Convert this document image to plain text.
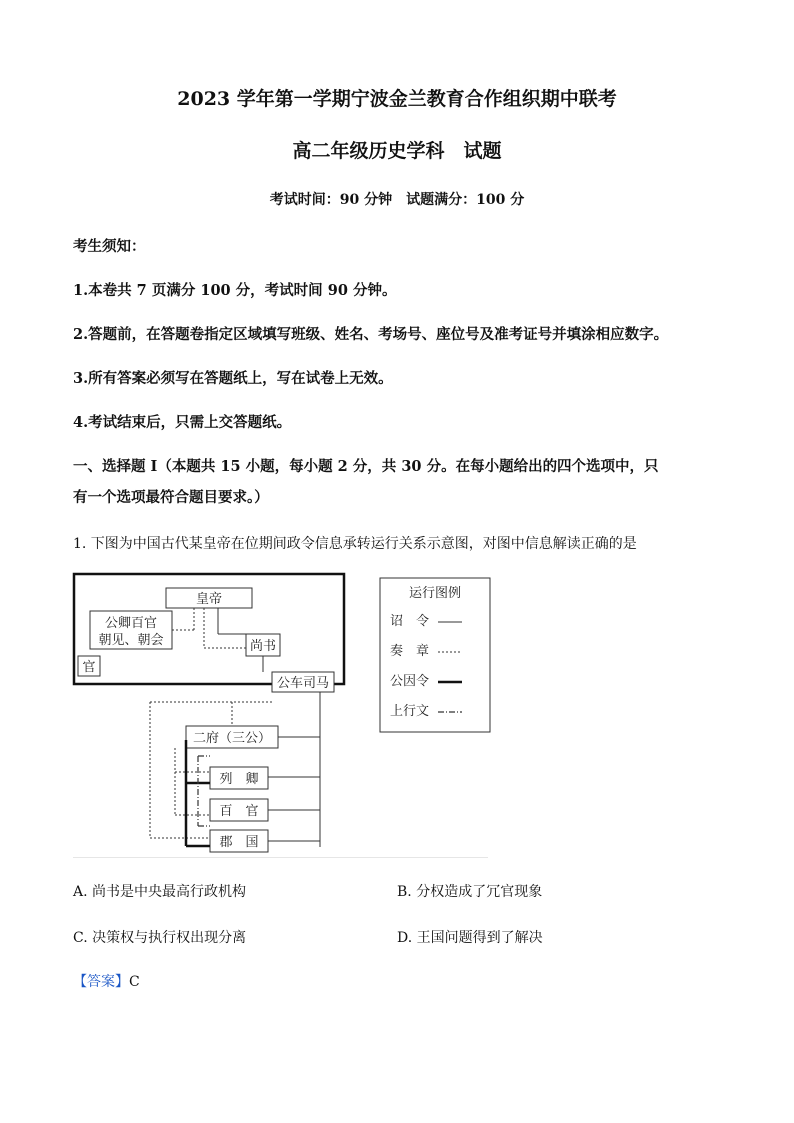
2023 学年第一学期宁波金兰教育合作组织期中联考
高二年级历史学科　试题
考试时间：90 分钟　试题满分：100 分
考生须知：
1.本卷共 7 页满分 100 分，考试时间 90 分钟。
2.答题前，在答题卷指定区域填写班级、姓名、考场号、座位号及准考证号并填涂相应数字。
3.所有答案必须写在答题纸上，写在试卷上无效。
4.考试结束后，只需上交答题纸。
一、选择题 I（本题共 15 小题，每小题 2 分，共 30 分。在每小题给出的四个选项中，只
有一个选项最符合题目要求。）
1. 下图为中国古代某皇帝在位期间政令信息承转运行关系示意图，对图中信息解读正确的是
皇帝
公卿百官
朝见、朝会
官
尚书
公车司马
二府（三公）
列　卿
百　官
郡　国
运行图例
诏　令
奏　章
公因令
上行文
A. 尚书是中央最高行政机构	B. 分权造成了冗官现象
C. 决策权与执行权出现分离	D. 王国问题得到了解决
【答案】C
